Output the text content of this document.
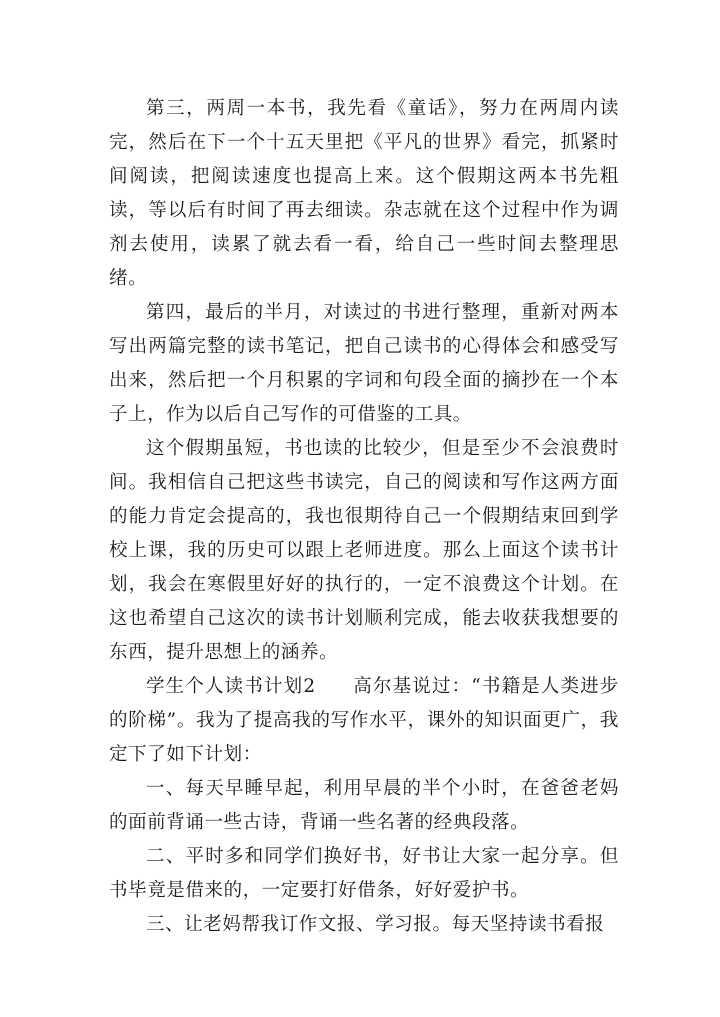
第三，两周一本书，我先看《童话》，努力在两周内读完，然后在下一个十五天里把《平凡的世界》看完，抓紧时间阅读，把阅读速度也提高上来。这个假期这两本书先粗读，等以后有时间了再去细读。杂志就在这个过程中作为调剂去使用，读累了就去看一看，给自己一些时间去整理思绪。

第四，最后的半月，对读过的书进行整理，重新对两本写出两篇完整的读书笔记，把自己读书的心得体会和感受写出来，然后把一个月积累的字词和句段全面的摘抄在一个本子上，作为以后自己写作的可借鉴的工具。

这个假期虽短，书也读的比较少，但是至少不会浪费时间。我相信自己把这些书读完，自己的阅读和写作这两方面的能力肯定会提高的，我也很期待自己一个假期结束回到学校上课，我的历史可以跟上老师进度。那么上面这个读书计划，我会在寒假里好好的执行的，一定不浪费这个计划。在这也希望自己这次的读书计划顺利完成，能去收获我想要的东西，提升思想上的涵养。

学生个人读书计划2 高尔基说过：“书籍是人类进步的阶梯”。我为了提高我的写作水平，课外的知识面更广，我定下了如下计划：

一、每天早睡早起，利用早晨的半个小时，在爸爸老妈的面前背诵一些古诗，背诵一些名著的经典段落。

二、平时多和同学们换好书，好书让大家一起分享。但书毕竟是借来的，一定要打好借条，好好爱护书。

三、让老妈帮我订作文报、学习报。每天坚持读书看报
